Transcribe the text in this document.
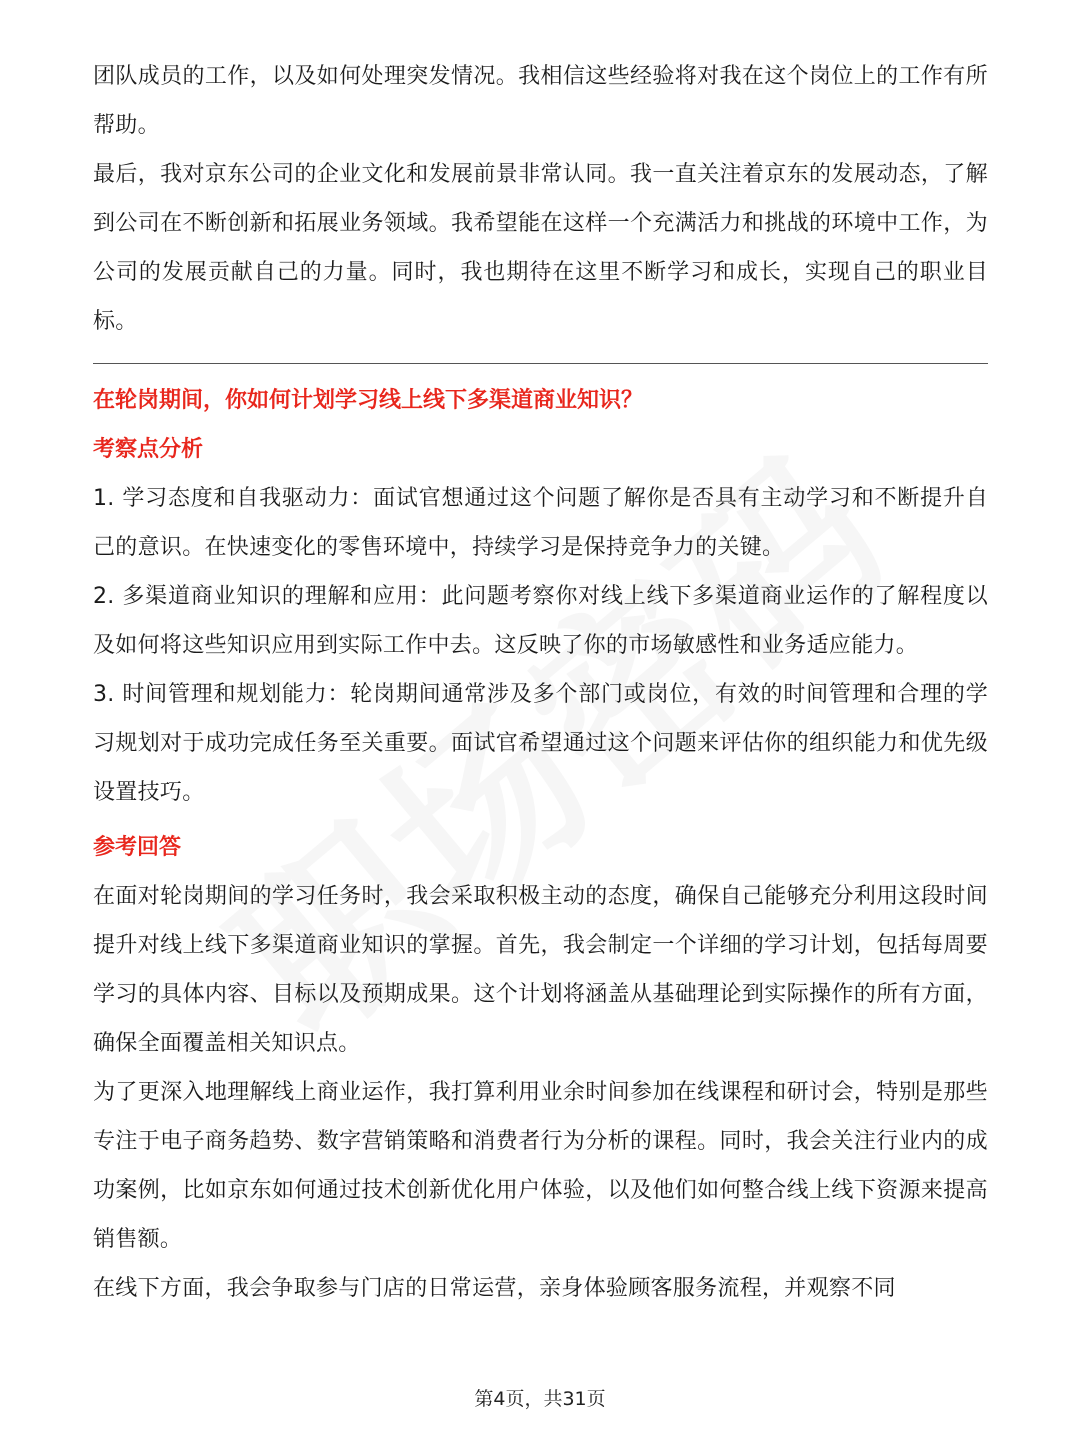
团队成员的工作，以及如何处理突发情况。我相信这些经验将对我在这个岗位上的工作有所帮助。

最后，我对京东公司的企业文化和发展前景非常认同。我一直关注着京东的发展动态，了解到公司在不断创新和拓展业务领域。我希望能在这样一个充满活力和挑战的环境中工作，为公司的发展贡献自己的力量。同时，我也期待在这里不断学习和成长，实现自己的职业目标。

在轮岗期间，你如何计划学习线上线下多渠道商业知识？

考察点分析

1. 学习态度和自我驱动力：面试官想通过这个问题了解你是否具有主动学习和不断提升自己的意识。在快速变化的零售环境中，持续学习是保持竞争力的关键。

2. 多渠道商业知识的理解和应用：此问题考察你对线上线下多渠道商业运作的了解程度以及如何将这些知识应用到实际工作中去。这反映了你的市场敏感性和业务适应能力。

3. 时间管理和规划能力：轮岗期间通常涉及多个部门或岗位，有效的时间管理和合理的学习规划对于成功完成任务至关重要。面试官希望通过这个问题来评估你的组织能力和优先级设置技巧。

参考回答

在面对轮岗期间的学习任务时，我会采取积极主动的态度，确保自己能够充分利用这段时间提升对线上线下多渠道商业知识的掌握。首先，我会制定一个详细的学习计划，包括每周要学习的具体内容、目标以及预期成果。这个计划将涵盖从基础理论到实际操作的所有方面，确保全面覆盖相关知识点。

为了更深入地理解线上商业运作，我打算利用业余时间参加在线课程和研讨会，特别是那些专注于电子商务趋势、数字营销策略和消费者行为分析的课程。同时，我会关注行业内的成功案例，比如京东如何通过技术创新优化用户体验，以及他们如何整合线上线下资源来提高销售额。

在线下方面，我会争取参与门店的日常运营，亲身体验顾客服务流程，并观察不同

第4页，共31页
